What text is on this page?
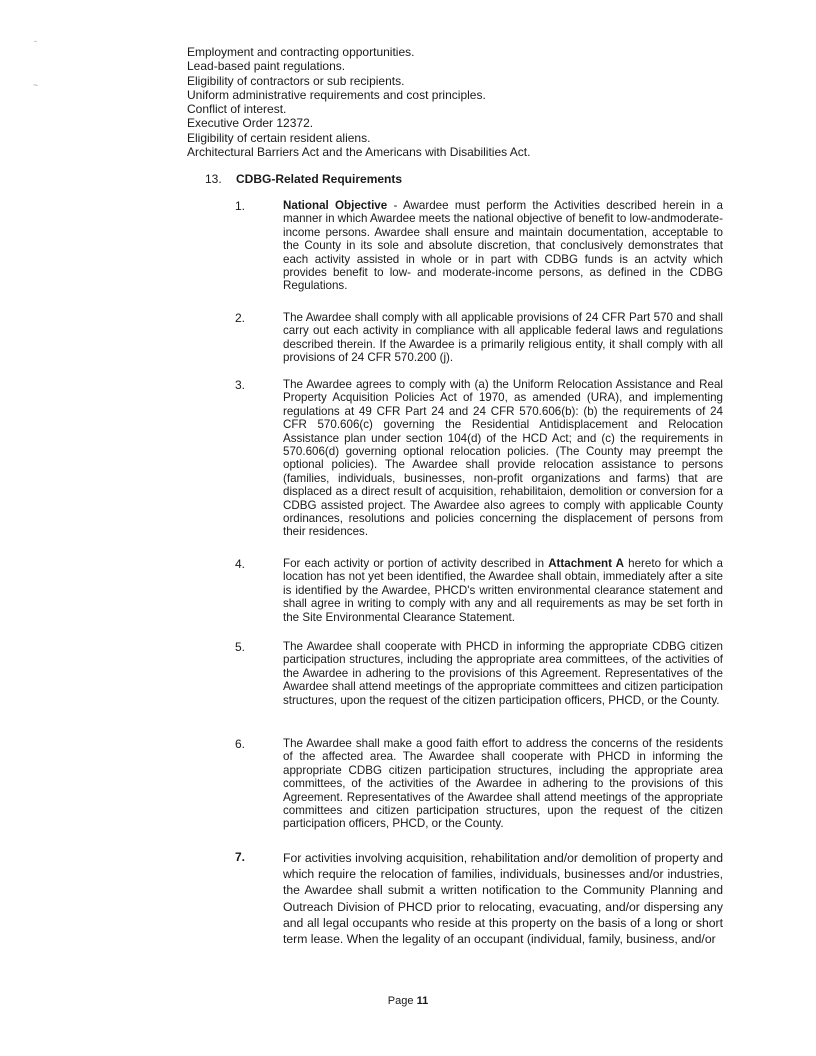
-
~
Employment and contracting opportunities.
Lead-based paint regulations.
Eligibility of contractors or sub recipients.
Uniform administrative requirements and cost principles.
Conflict of interest.
Executive Order 12372.
Eligibility of certain resident aliens.
Architectural Barriers Act and the Americans with Disabilities Act.
13. CDBG-Related Requirements
1.	National Objective - Awardee must perform the Activities described herein in a manner in which Awardee meets the national objective of benefit to low-andmoderate-income persons. Awardee shall ensure and maintain documentation, acceptable to the County in its sole and absolute discretion, that conclusively demonstrates that each activity assisted in whole or in part with CDBG funds is an actvity which provides benefit to low- and moderate-income persons, as defined in the CDBG Regulations.

2.	The Awardee shall comply with all applicable provisions of 24 CFR Part 570 and shall carry out each activity in compliance with all applicable federal laws and regulations described therein. If the Awardee is a primarily religious entity, it shall comply with all provisions of 24 CFR 570.200 (j).

3.	The Awardee agrees to comply with (a) the Uniform Relocation Assistance and Real Property Acquisition Policies Act of 1970, as amended (URA), and implementing regulations at 49 CFR Part 24 and 24 CFR 570.606(b): (b) the requirements of 24 CFR 570.606(c) governing the Residential Antidisplacement and Relocation Assistance plan under section 104(d) of the HCD Act; and (c) the requirements in 570.606(d) governing optional relocation policies. (The County may preempt the optional policies). The Awardee shall provide relocation assistance to persons (families, individuals, businesses, non-profit organizations and farms) that are displaced as a direct result of acquisition, rehabilitaion, demolition or conversion for a CDBG assisted project. The Awardee also agrees to comply with applicable County ordinances, resolutions and policies concerning the displacement of persons from their residences.

4.	For each activity or portion of activity described in Attachment A hereto for which a location has not yet been identified, the Awardee shall obtain, immediately after a site is identified by the Awardee, PHCD's written environmental clearance statement and shall agree in writing to comply with any and all requirements as may be set forth in the Site Environmental Clearance Statement.

5.	The Awardee shall cooperate with PHCD in informing the appropriate CDBG citizen participation structures, including the appropriate area committees, of the activities of the Awardee in adhering to the provisions of this Agreement. Representatives of the Awardee shall attend meetings of the appropriate committees and citizen participation structures, upon the request of the citizen participation officers, PHCD, or the County.

6.	The Awardee shall make a good faith effort to address the concerns of the residents of the affected area. The Awardee shall cooperate with PHCD in informing the appropriate CDBG citizen participation structures, including the appropriate area committees, of the activities of the Awardee in adhering to the provisions of this Agreement. Representatives of the Awardee shall attend meetings of the appropriate committees and citizen participation structures, upon the request of the citizen participation officers, PHCD, or the County.

7.	For activities involving acquisition, rehabilitation and/or demolition of property and which require the relocation of families, individuals, businesses and/or industries, the Awardee shall submit a written notification to the Community Planning and Outreach Division of PHCD prior to relocating, evacuating, and/or dispersing any and all legal occupants who reside at this property on the basis of a long or short term lease. When the legality of an occupant (individual, family, business, and/or

Page 11
